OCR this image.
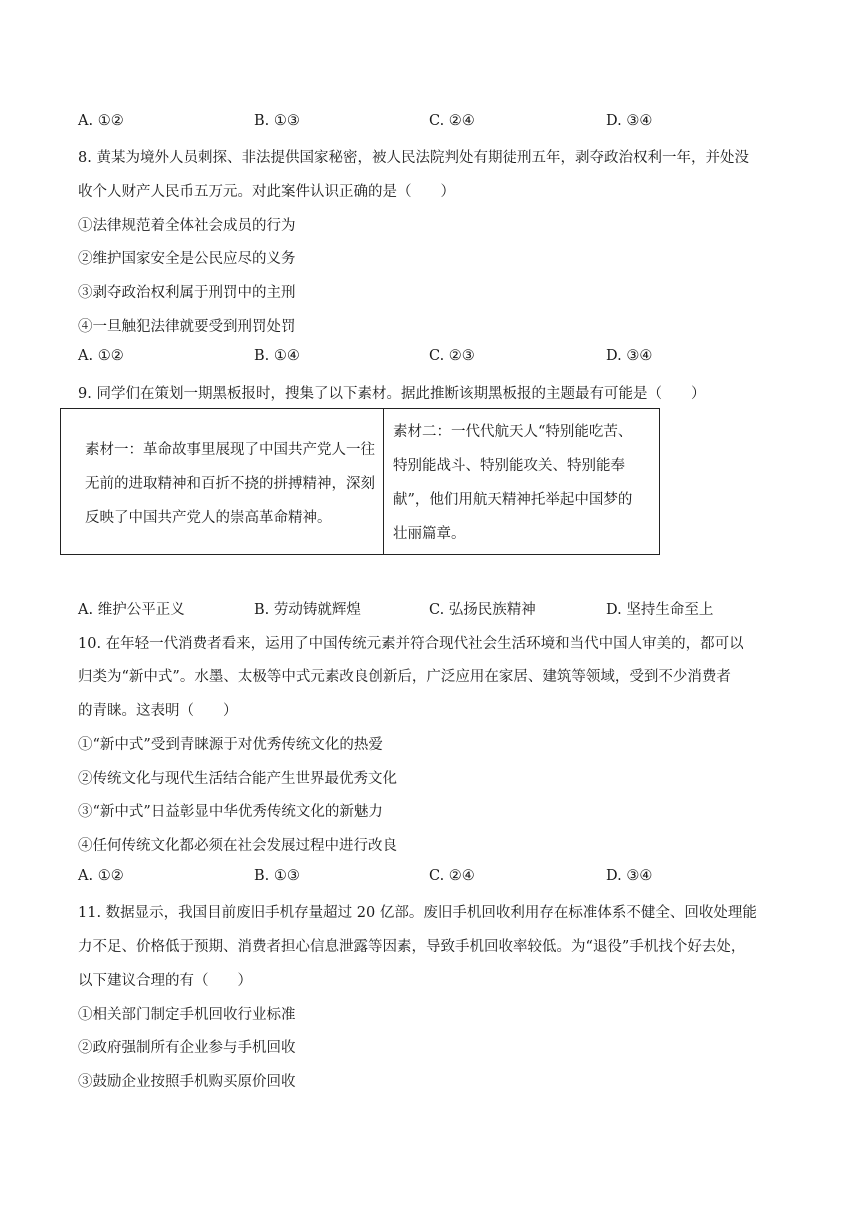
A. ①②	B. ①③	C. ②④	D. ③④
8. 黄某为境外人员刺探、非法提供国家秘密，被人民法院判处有期徒刑五年，剥夺政治权利一年，并处没
收个人财产人民币五万元。对此案件认识正确的是（　　）
①法律规范着全体社会成员的行为
②维护国家安全是公民应尽的义务
③剥夺政治权利属于刑罚中的主刑
④一旦触犯法律就要受到刑罚处罚
A. ①②	B. ①④	C. ②③	D. ③④
9. 同学们在策划一期黑板报时，搜集了以下素材。据此推断该期黑板报的主题最有可能是（　　）
素材一：革命故事里展现了中国共产党人一往
无前的进取精神和百折不挠的拼搏精神，深刻
反映了中国共产党人的崇高革命精神。
素材二：一代代航天人“特别能吃苦、
特别能战斗、特别能攻关、特别能奉
献”，他们用航天精神托举起中国梦的
壮丽篇章。
A. 维护公平正义	B. 劳动铸就辉煌	C. 弘扬民族精神	D. 坚持生命至上
10. 在年轻一代消费者看来，运用了中国传统元素并符合现代社会生活环境和当代中国人审美的，都可以
归类为“新中式”。水墨、太极等中式元素改良创新后，广泛应用在家居、建筑等领域，受到不少消费者
的青睐。这表明（　　）
①“新中式”受到青睐源于对优秀传统文化的热爱
②传统文化与现代生活结合能产生世界最优秀文化
③“新中式”日益彰显中华优秀传统文化的新魅力
④任何传统文化都必须在社会发展过程中进行改良
A. ①②	B. ①③	C. ②④	D. ③④
11. 数据显示，我国目前废旧手机存量超过 20 亿部。废旧手机回收利用存在标准体系不健全、回收处理能
力不足、价格低于预期、消费者担心信息泄露等因素，导致手机回收率较低。为“退役”手机找个好去处，
以下建议合理的有（　　）
①相关部门制定手机回收行业标准
②政府强制所有企业参与手机回收
③鼓励企业按照手机购买原价回收
